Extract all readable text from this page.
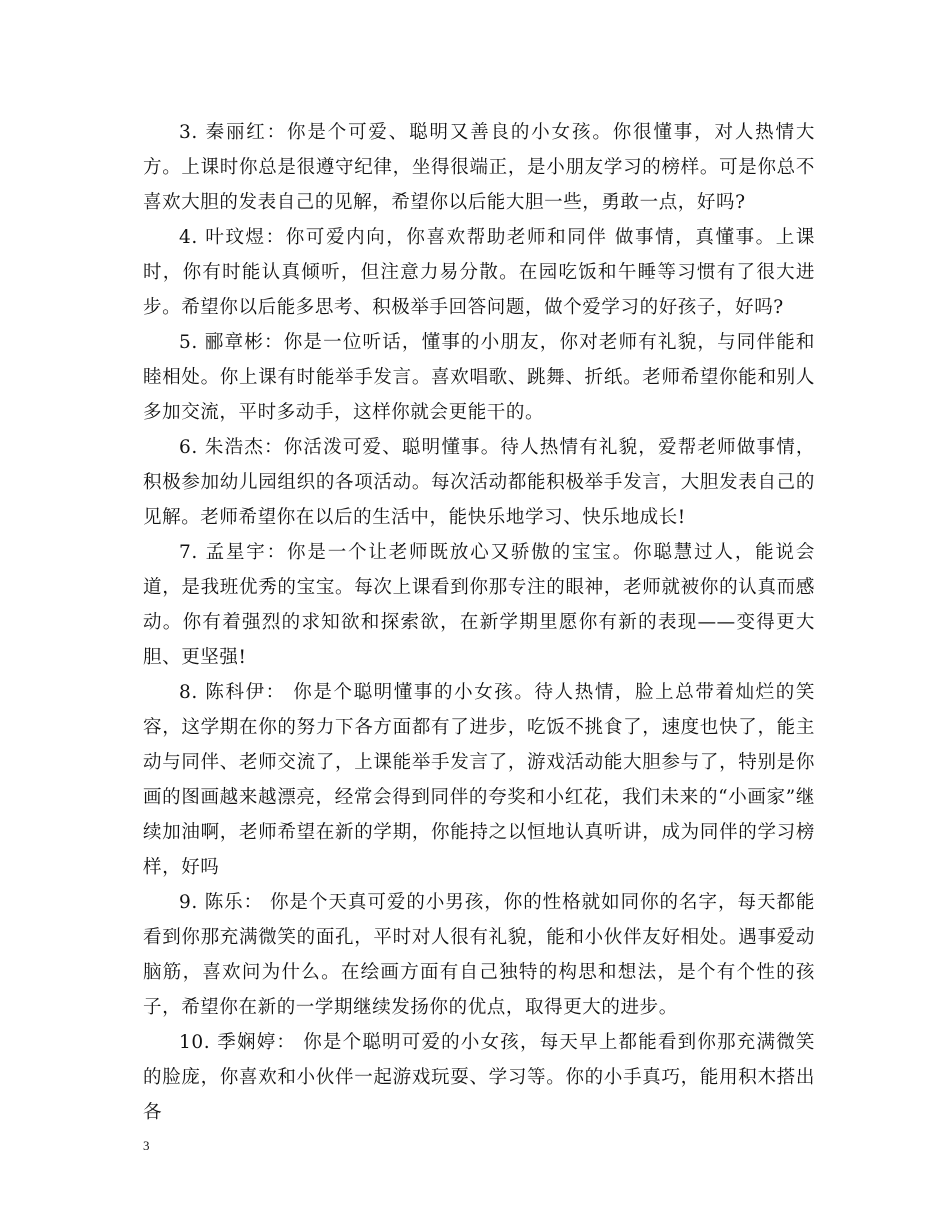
3. 秦丽红：你是个可爱、聪明又善良的小女孩。你很懂事，对人热情大方。上课时你总是很遵守纪律，坐得很端正，是小朋友学习的榜样。可是你总不喜欢大胆的发表自己的见解，希望你以后能大胆一些，勇敢一点，好吗?

4. 叶玟煜：你可爱内向，你喜欢帮助老师和同伴 做事情，真懂事。上课时，你有时能认真倾听，但注意力易分散。在园吃饭和午睡等习惯有了很大进步。希望你以后能多思考、积极举手回答问题，做个爱学习的好孩子，好吗?

5. 郦章彬：你是一位听话，懂事的小朋友，你对老师有礼貌，与同伴能和睦相处。你上课有时能举手发言。喜欢唱歌、跳舞、折纸。老师希望你能和别人多加交流，平时多动手，这样你就会更能干的。

6. 朱浩杰：你活泼可爱、聪明懂事。待人热情有礼貌，爱帮老师做事情，积极参加幼儿园组织的各项活动。每次活动都能积极举手发言，大胆发表自己的见解。老师希望你在以后的生活中，能快乐地学习、快乐地成长!

7. 孟星宇：你是一个让老师既放心又骄傲的宝宝。你聪慧过人，能说会道，是我班优秀的宝宝。每次上课看到你那专注的眼神，老师就被你的认真而感动。你有着强烈的求知欲和探索欲，在新学期里愿你有新的表现——变得更大胆、更坚强!

8. 陈科伊： 你是个聪明懂事的小女孩。待人热情，脸上总带着灿烂的笑容，这学期在你的努力下各方面都有了进步，吃饭不挑食了，速度也快了，能主动与同伴、老师交流了，上课能举手发言了，游戏活动能大胆参与了，特别是你画的图画越来越漂亮，经常会得到同伴的夸奖和小红花，我们未来的“小画家”继续加油啊，老师希望在新的学期，你能持之以恒地认真听讲，成为同伴的学习榜样，好吗

9. 陈乐： 你是个天真可爱的小男孩，你的性格就如同你的名字，每天都能看到你那充满微笑的面孔，平时对人很有礼貌，能和小伙伴友好相处。遇事爱动脑筋，喜欢问为什么。在绘画方面有自己独特的构思和想法，是个有个性的孩子，希望你在新的一学期继续发扬你的优点，取得更大的进步。

10. 季娴婷： 你是个聪明可爱的小女孩，每天早上都能看到你那充满微笑的脸庞，你喜欢和小伙伴一起游戏玩耍、学习等。你的小手真巧，能用积木搭出各

3
